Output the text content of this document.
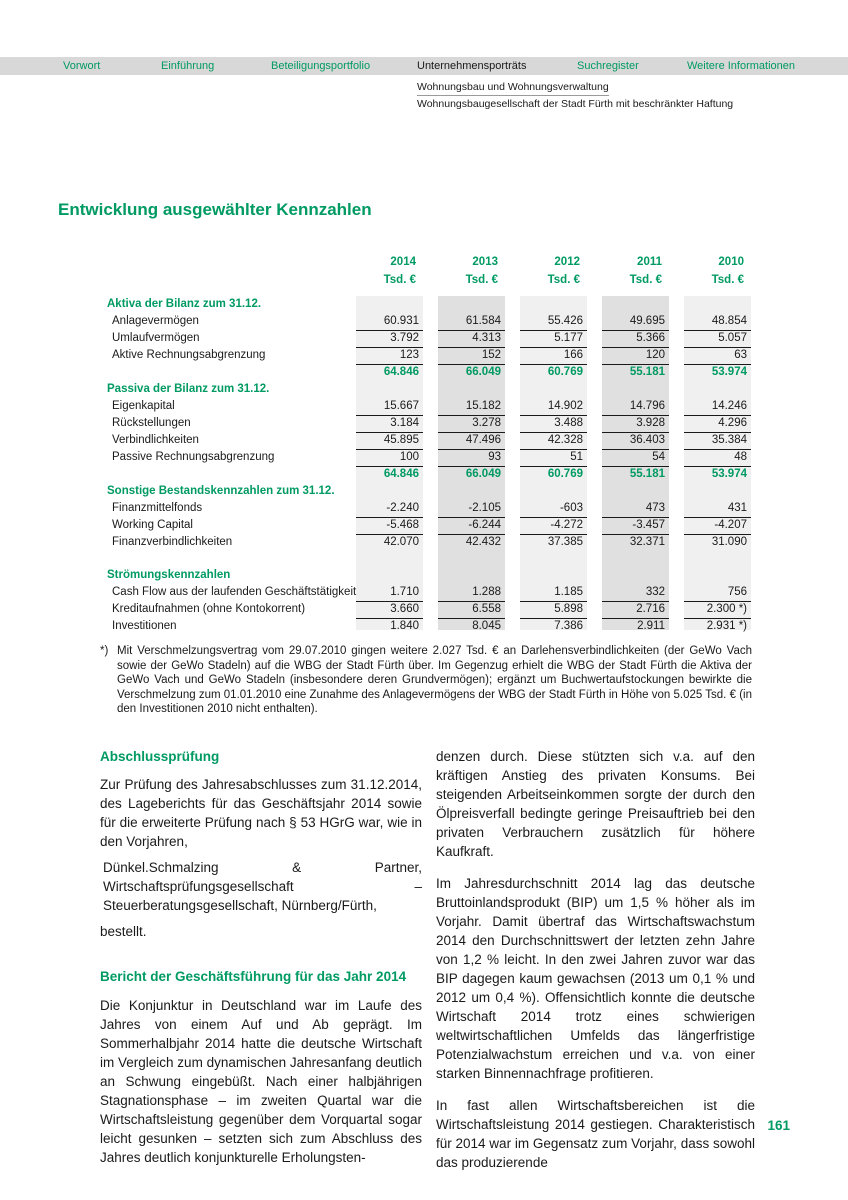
Vorwort	Einführung	Beteiligungsportfolio	Unternehmensporträts	Suchregister	Weitere Informationen
Wohnungsbau und Wohnungsverwaltung
Wohnungsbaugesellschaft der Stadt Fürth mit beschränkter Haftung
Entwicklung ausgewählter Kennzahlen
2014	2013	2012	2011	2010
Tsd. €	Tsd. €	Tsd. €	Tsd. €	Tsd. €
Aktiva der Bilanz zum 31.12.
Anlagevermögen	60.931	61.584	55.426	49.695	48.854
Umlaufvermögen	3.792	4.313	5.177	5.366	5.057
Aktive Rechnungsabgrenzung	123	152	166	120	63
64.846	66.049	60.769	55.181	53.974
Passiva der Bilanz zum 31.12.
Eigenkapital	15.667	15.182	14.902	14.796	14.246
Rückstellungen	3.184	3.278	3.488	3.928	4.296
Verbindlichkeiten	45.895	47.496	42.328	36.403	35.384
Passive Rechnungsabgrenzung	100	93	51	54	48
64.846	66.049	60.769	55.181	53.974
Sonstige Bestandskennzahlen zum 31.12.
Finanzmittelfonds	-2.240	-2.105	-603	473	431
Working Capital	-5.468	-6.244	-4.272	-3.457	-4.207
Finanzverbindlichkeiten	42.070	42.432	37.385	32.371	31.090
Strömungskennzahlen
Cash Flow aus der laufenden Geschäftstätigkeit	1.710	1.288	1.185	332	756
Kreditaufnahmen (ohne Kontokorrent)	3.660	6.558	5.898	2.716	2.300 *)
Investitionen	1.840	8.045	7.386	2.911	2.931 *)
*) Mit Verschmelzungsvertrag vom 29.07.2010 gingen weitere 2.027 Tsd. € an Darlehensverbindlichkeiten (der GeWo Vach sowie der GeWo Stadeln) auf die WBG der Stadt Fürth über. Im Gegenzug erhielt die WBG der Stadt Fürth die Aktiva der GeWo Vach und GeWo Stadeln (insbesondere deren Grundvermögen); ergänzt um Buchwertaufstockungen bewirkte die Verschmelzung zum 01.01.2010 eine Zunahme des Anlagevermögens der WBG der Stadt Fürth in Höhe von 5.025 Tsd. € (in den Investitionen 2010 nicht enthalten).
Abschlussprüfung

Zur Prüfung des Jahresabschlusses zum 31.12.2014, des Lageberichts für das Geschäftsjahr 2014 sowie für die erweiterte Prüfung nach § 53 HGrG war, wie in den Vorjahren,

Dünkel.Schmalzing & Partner, Wirtschaftsprüfungsgesellschaft – Steuerberatungsgesellschaft, Nürnberg/Fürth,

bestellt.

Bericht der Geschäftsführung für das Jahr 2014

Die Konjunktur in Deutschland war im Laufe des Jahres von einem Auf und Ab geprägt. Im Sommerhalbjahr 2014 hatte die deutsche Wirtschaft im Vergleich zum dynamischen Jahresanfang deutlich an Schwung eingebüßt. Nach einer halbjährigen Stagnationsphase – im zweiten Quartal war die Wirtschaftsleistung gegenüber dem Vorquartal sogar leicht gesunken – setzten sich zum Abschluss des Jahres deutlich konjunkturelle Erholungsten-

denzen durch. Diese stützten sich v.a. auf den kräftigen Anstieg des privaten Konsums. Bei steigenden Arbeitseinkommen sorgte der durch den Ölpreisverfall bedingte geringe Preisauftrieb bei den privaten Verbrauchern zusätzlich für höhere Kaufkraft.

Im Jahresdurchschnitt 2014 lag das deutsche Bruttoinlandsprodukt (BIP) um 1,5 % höher als im Vorjahr. Damit übertraf das Wirtschaftswachstum 2014 den Durchschnittswert der letzten zehn Jahre von 1,2 % leicht. In den zwei Jahren zuvor war das BIP dagegen kaum gewachsen (2013 um 0,1 % und 2012 um 0,4 %). Offensichtlich konnte die deutsche Wirtschaft 2014 trotz eines schwierigen weltwirtschaftlichen Umfelds das längerfristige Potenzialwachstum erreichen und v.a. von einer starken Binnennachfrage profitieren.

In fast allen Wirtschaftsbereichen ist die Wirtschaftsleistung 2014 gestiegen. Charakteristisch für 2014 war im Gegensatz zum Vorjahr, dass sowohl das produzierende

161
